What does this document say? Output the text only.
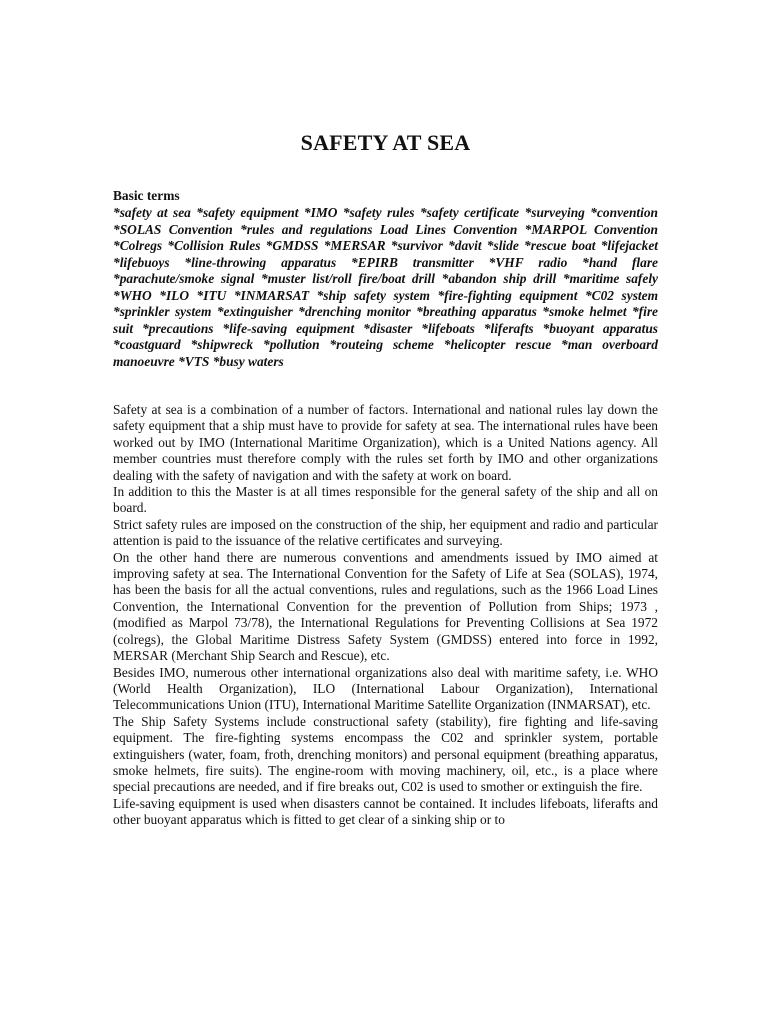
SAFETY AT SEA
Basic terms

*safety at sea *safety equipment *IMO *safety rules *safety certificate *surveying *convention *SOLAS Convention *rules and regulations Load Lines Convention *MARPOL Convention *Colregs *Collision Rules *GMDSS *MERSAR *survivor *davit *slide *rescue boat *lifejacket *lifebuoys *line-throwing apparatus *EPIRB transmitter *VHF radio *hand flare *parachute/smoke signal *muster list/roll fire/boat drill *abandon ship drill *maritime safely *WHO *ILO *ITU *INMARSAT *ship safety system *fire-fighting equipment *C02 system *sprinkler system *extinguisher *drenching monitor *breathing apparatus *smoke helmet *fire suit *precautions *life-saving equipment *disaster *lifeboats *liferafts *buoyant apparatus *coastguard *shipwreck *pollution *routeing scheme *helicopter rescue *man overboard manoeuvre *VTS *busy waters

Safety at sea is a combination of a number of factors. International and national rules lay down the safety equipment that a ship must have to provide for safety at sea. The international rules have been worked out by IMO (International Maritime Organization), which is a United Nations agency. All member countries must therefore comply with the rules set forth by IMO and other organizations dealing with the safety of navigation and with the safety at work on board.

In addition to this the Master is at all times responsible for the general safety of the ship and all on board.

Strict safety rules are imposed on the construction of the ship, her equipment and radio and particular attention is paid to the issuance of the relative certificates and surveying.

On the other hand there are numerous conventions and amendments issued by IMO aimed at improving safety at sea. The International Convention for the Safety of Life at Sea (SOLAS), 1974, has been the basis for all the actual conventions, rules and regulations, such as the 1966 Load Lines Convention, the International Convention for the prevention of Pollution from Ships; 1973 , (modified as Marpol 73/78), the International Regulations for Preventing Collisions at Sea 1972 (colregs), the Global Maritime Distress Safety System (GMDSS) entered into force in 1992, MERSAR (Merchant Ship Search and Rescue), etc.

Besides IMO, numerous other international organizations also deal with maritime safety, i.e. WHO (World Health Organization), ILO (International Labour Organization), International Telecommunications Union (ITU), International Maritime Satellite Organization (INMARSAT), etc.

The Ship Safety Systems include constructional safety (stability), fire fighting and life-saving equipment. The fire-fighting systems encompass the C02 and sprinkler system, portable extinguishers (water, foam, froth, drenching monitors) and personal equipment (breathing apparatus, smoke helmets, fire suits). The engine-room with moving machinery, oil, etc., is a place where special precautions are needed, and if fire breaks out, C02 is used to smother or extinguish the fire.

Life-saving equipment is used when disasters cannot be contained. It includes lifeboats, liferafts and other buoyant apparatus which is fitted to get clear of a sinking ship or to
